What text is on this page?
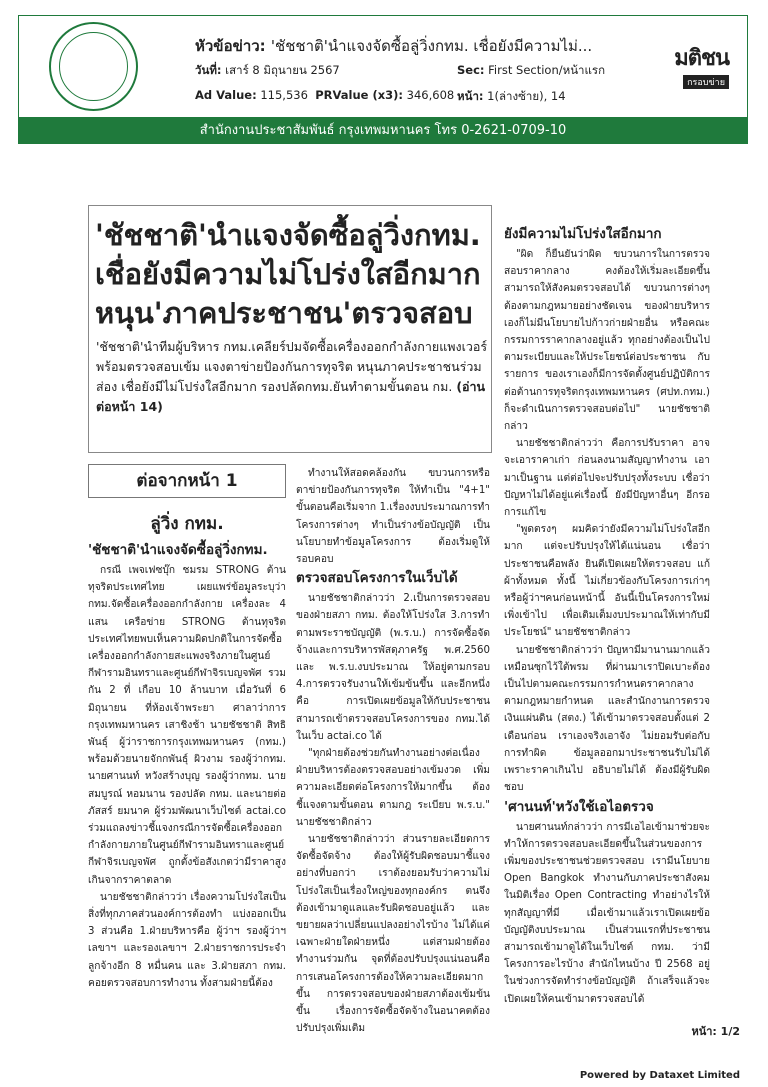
หัวข้อข่าว: 'ชัชชาติ'นำแจงจัดซื้อลู่วิ่งกทม. เชื่อยังมีความไม่...
วันที่: เสาร์ 8 มิถุนายน 2567	Sec: First Section/หน้าแรก
Ad Value: 115,536 PRValue (x3): 346,608 หน้า: 1(ล่างซ้าย), 14
มติชน
กรอบข่าย
สำนักงานประชาสัมพันธ์ กรุงเทพมหานคร โทร 0-2621-0709-10
'ชัชชาติ'นำแจงจัดซื้อลู่วิ่งกทม. เชื่อยังมีความไม่โปร่งใสอีกมาก หนุน'ภาคประชาชน'ตรวจสอบ
'ชัชชาติ'นำทีมผู้บริหาร กทม.เคลียร์ปมจัดซื้อเครื่องออกกำลังกายแพงเวอร์ พร้อมตรวจสอบเข้ม แจงตาข่ายป้องกันการทุจริต หนุนภาคประชาชนร่วมส่อง เชื่อยังมีไม่โปร่งใสอีกมาก รองปลัดกทม.ยันทำตามขั้นตอน กม. (อ่านต่อหน้า 14)
ต่อจากหน้า 1
ลู่วิ่ง กทม.
'ชัชชาติ'นำแจงจัดซื้อลู่วิ่งกทม.

กรณี เพจเฟซบุ๊ก ชมรม STRONG ต้านทุจริตประเทศไทย เผยแพร่ข้อมูลระบุว่า กทม.จัดซื้อเครื่องออกกำลังกาย เครื่องละ 4 แสน เครือข่าย STRONG ต้านทุจริตประเทศไทยพบเห็นความผิดปกติในการจัดซื้อเครื่องออกกำลังกายสะแพงจริงภายในศูนย์กีฬารามอินทราและศูนย์กีฬาจิรเบญจพัศ รวมกัน 2 ที่ เกือบ 10 ล้านบาท เมื่อวันที่ 6 มิถุนายน ที่ห้องเจ้าพระยา ศาลาว่าการกรุงเทพมหานคร เสาชิงช้า นายชัชชาติ สิทธิพันธุ์ ผู้ว่าราชการกรุงเทพมหานคร (กทม.) พร้อมด้วยนายจักกพันธุ์ ผิวงาม รองผู้ว่ากทม. นายศานนท์ หวังสร้างบุญ รองผู้ว่ากทม. นายสมบูรณ์ หอมนาน รองปลัด กทม. และนายต่อภัสสร์ ยมนาค ผู้ร่วมพัฒนาเว็บไซต์ actai.co ร่วมแถลงข่าวชี้แจงกรณีการจัดซื้อเครื่องออกกำลังกายภายในศูนย์กีฬารามอินทราและศูนย์กีฬาจิรเบญจพัศ ถูกตั้งข้อสังเกตว่ามีราคาสูงเกินจากราคาตลาด

นายชัชชาติกล่าวว่า เรื่องความโปร่งใสเป็นสิ่งที่ทุกภาคส่วนองค์การต้องทำ แบ่งออกเป็น 3 ส่วนคือ 1.ฝ่ายบริหารคือ ผู้ว่าฯ รองผู้ว่าฯ เลขาฯ และรองเลขาฯ 2.ฝ่ายราชการประจำลูกจ้างอีก 8 หมื่นคน และ 3.ฝ่ายสภา กทม. คอยตรวจสอบการทำงาน ทั้งสามฝ่ายนี้ต้อง

ทำงานให้สอดคล้องกัน ขบวนการหรือตาข่ายป้องกันการทุจริต ให้ทำเป็น "4+1" ขั้นตอนคือเริ่มจาก 1.เรื่องงบประมาณการทำโครงการต่างๆ ทำเป็นร่างข้อบัญญัติ เป็นนโยบายทำข้อมูลโครงการ ต้องเริ่มดูให้รอบคอบ

ตรวจสอบโครงการในเว็บได้

นายชัชชาติกล่าวว่า 2.เป็นการตรวจสอบของฝ่ายสภา กทม. ต้องให้โปร่งใส 3.การทำตามพระราชบัญญัติ (พ.ร.บ.) การจัดซื้อจัดจ้างและการบริหารพัสดุภาครัฐ พ.ศ.2560 และ พ.ร.บ.งบประมาณ ให้อยู่ตามกรอบ 4.การตรวจรับงานให้เข้มข้นขึ้น และอีกหนึ่งคือ การเปิดเผยข้อมูลให้กับประชาชน สามารถเข้าตรวจสอบโครงการของ กทม.ได้ในเว็บ actai.co ได้

"ทุกฝ่ายต้องช่วยกันทำงานอย่างต่อเนื่อง ฝ่ายบริหารต้องตรวจสอบอย่างเข้มงวด เพิ่มความละเอียดต่อโครงการให้มากขึ้น ต้องชี้แจงตามขั้นตอน ตามกฎ ระเบียบ พ.ร.บ." นายชัชชาติกล่าว

นายชัชชาติกล่าวว่า ส่วนรายละเอียดการจัดซื้อจัดจ้าง ต้องให้ผู้รับผิดชอบมาชี้แจง อย่างที่บอกว่า เราต้องยอมรับว่าความไม่โปร่งใสเป็นเรื่องใหญ่ของทุกองค์กร ตนจึงต้องเข้ามาดูแลและรับผิดชอบอยู่แล้ว และขยายผลว่าเปลี่ยนแปลงอย่างไรบ้าง ไม่ได้แค่เฉพาะฝ่ายใดฝ่ายหนึ่ง แต่สามฝ่ายต้องทำงานร่วมกัน จุดที่ต้องปรับปรุงแน่นอนคือการเสนอโครงการต้องให้ความละเอียดมากขึ้น การตรวจสอบของฝ่ายสภาต้องเข้มข้นขึ้น เรื่องการจัดซื้อจัดจ้างในอนาคตต้องปรับปรุงเพิ่มเติม

ยังมีความไม่โปร่งใสอีกมาก

"ผิด ก็ยืนยันว่าผิด ขบวนการในการตรวจสอบราคากลาง คงต้องให้เริ่มละเอียดขึ้น สามารถให้สังคมตรวจสอบได้ ขบวนการต่างๆ ต้องตามกฎหมายอย่างชัดเจน ของฝ่ายบริหารเองก็ไม่มีนโยบายไปก้าวก่ายฝ่ายอื่น หรือคณะกรรมการราคากลางอยู่แล้ว ทุกอย่างต้องเป็นไปตามระเบียบและให้ประโยชน์ต่อประชาชน กับรายการ ของเราเองก็มีการจัดตั้งศูนย์ปฏิบัติการต่อต้านการทุจริตกรุงเทพมหานคร (ศปท.กทม.) ก็จะดำเนินการตรวจสอบต่อไป" นายชัชชาติกล่าว

นายชัชชาติกล่าวว่า คือการปรับราคา อาจจะเอาราคาเก่า ก่อนลงนามสัญญาทำงาน เอามาเป็นฐาน แต่ต่อไปจะปรับปรุงทั้งระบบ เชื่อว่าปัญหาไม่ได้อยู่แค่เรื่องนี้ ยังมีปัญหาอื่นๆ อีกรอการแก้ไข

"พูดตรงๆ ผมคิดว่ายังมีความไม่โปร่งใสอีกมาก แต่จะปรับปรุงให้ได้แน่นอน เชื่อว่าประชาชนคือพลัง ยินดีเปิดเผยให้ตรวจสอบ แก้ผ้าทั้งหมด ทั้งนี้ ไม่เกี่ยวข้องกับโครงการเก่าๆ หรือผู้ว่าฯคนก่อนหน้านี้ อันนี้เป็นโครงการใหม่ เพิ่งเข้าไป เพื่อเติมเต็มงบประมาณให้เท่ากับมีประโยชน์" นายชัชชาติกล่าว

นายชัชชาติกล่าวว่า ปัญหามีมานานมากแล้ว เหมือนซุกไว้ใต้พรม ที่ผ่านมาเราปิดเบาะต้องเป็นไปตามคณะกรรมการกำหนดราคากลาง ตามกฎหมายกำหนด และสำนักงานการตรวจเงินแผ่นดิน (สตง.) ได้เข้ามาตรวจสอบตั้งแต่ 2 เดือนก่อน เราเองจริงเอาจัง ไม่ยอมรับต่อกับการทำผิด ข้อมูลออกมาประชาชนรับไม่ได้ เพราะราคาเกินไป อธิบายไม่ได้ ต้องมีผู้รับผิดชอบ

'ศานนท์'หวังใช้เอไอตรวจ

นายศานนท์กล่าวว่า การมีเอไอเข้ามาช่วยจะทำให้การตรวจสอบละเอียดขึ้นในส่วนของการเพิ่มของประชาชนช่วยตรวจสอบ เรามีนโยบาย Open Bangkok ทำงานกับภาคประชาสังคม ในมิติเรื่อง Open Contracting ทำอย่างไรให้ทุกสัญญาที่มี เมื่อเข้ามาแล้วเราเปิดเผยข้อบัญญัติงบประมาณ เป็นส่วนแรกที่ประชาชนสามารถเข้ามาดูได้ในเว็บไซต์ กทม. ว่ามีโครงการอะไรบ้าง สำนักไหนบ้าง ปี 2568 อยู่ในช่วงการจัดทำร่างข้อบัญญัติ ถ้าเสร็จแล้วจะเปิดเผยให้คนเข้ามาตรวจสอบได้

หน้า: 1/2
Powered by Dataxet Limited
